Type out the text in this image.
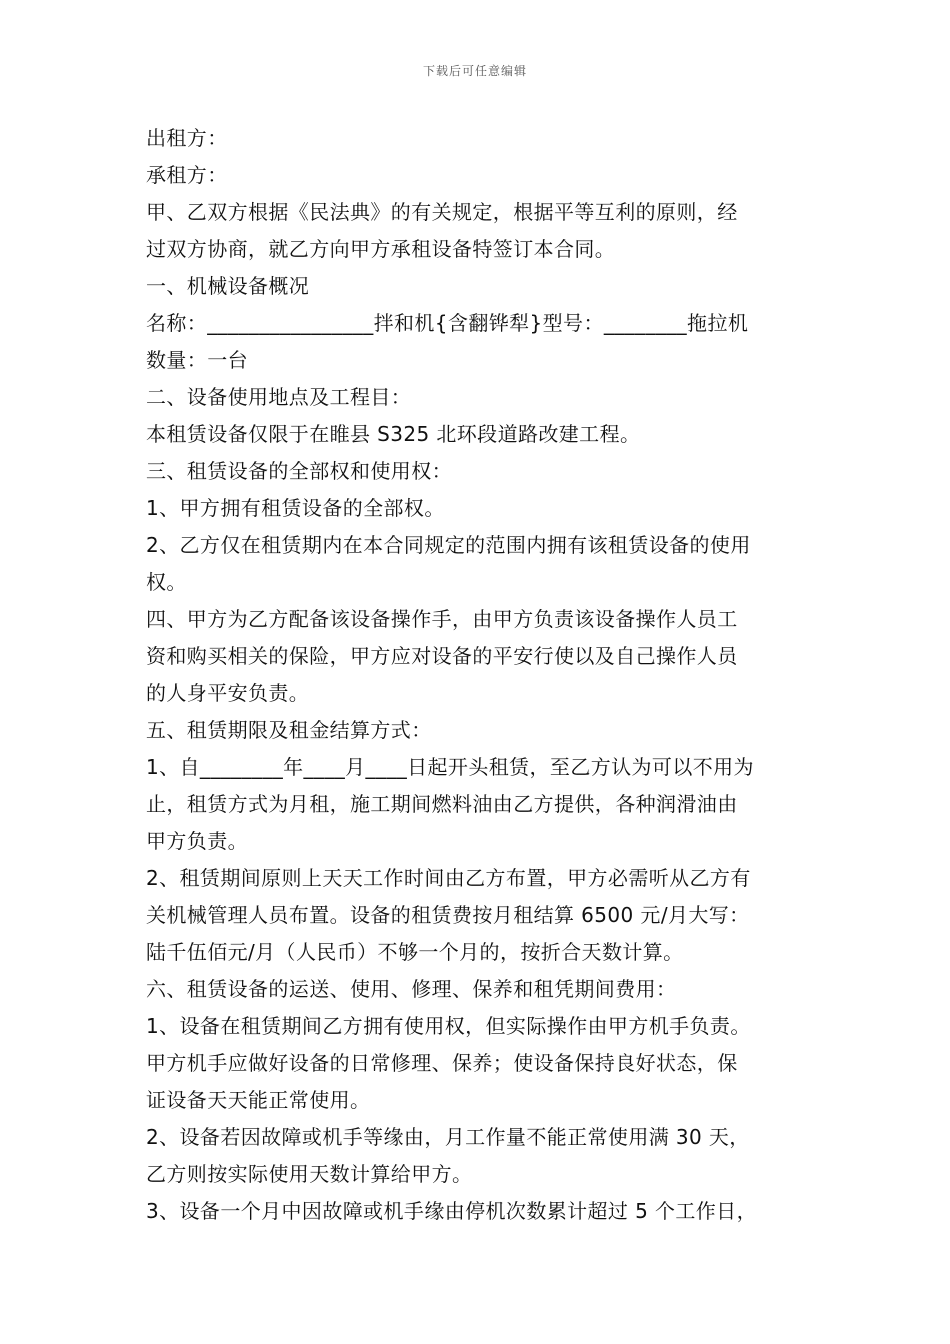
下载后可任意编辑
出租方：
承租方：
甲、乙双方根据《民法典》的有关规定，根据平等互利的原则，经
过双方协商，就乙方向甲方承租设备特签订本合同。
一、机械设备概况
名称：________________拌和机{含翻铧犁}型号：________拖拉机
数量：一台
二、设备使用地点及工程目：
本租赁设备仅限于在睢县 S325 北环段道路改建工程。
三、租赁设备的全部权和使用权：
1、甲方拥有租赁设备的全部权。
2、乙方仅在租赁期内在本合同规定的范围内拥有该租赁设备的使用
权。
四、甲方为乙方配备该设备操作手，由甲方负责该设备操作人员工
资和购买相关的保险，甲方应对设备的平安行使以及自己操作人员
的人身平安负责。
五、租赁期限及租金结算方式：
1、自________年____月____日起开头租赁，至乙方认为可以不用为
止，租赁方式为月租，施工期间燃料油由乙方提供，各种润滑油由
甲方负责。
2、租赁期间原则上天天工作时间由乙方布置，甲方必需听从乙方有
关机械管理人员布置。设备的租赁费按月租结算 6500 元/月大写：
陆千伍佰元/月（人民币）不够一个月的，按折合天数计算。
六、租赁设备的运送、使用、修理、保养和租凭期间费用：
1、设备在租赁期间乙方拥有使用权，但实际操作由甲方机手负责。
甲方机手应做好设备的日常修理、保养；使设备保持良好状态，保
证设备天天能正常使用。
2、设备若因故障或机手等缘由，月工作量不能正常使用满 30 天，
乙方则按实际使用天数计算给甲方。
3、设备一个月中因故障或机手缘由停机次数累计超过 5 个工作日，
